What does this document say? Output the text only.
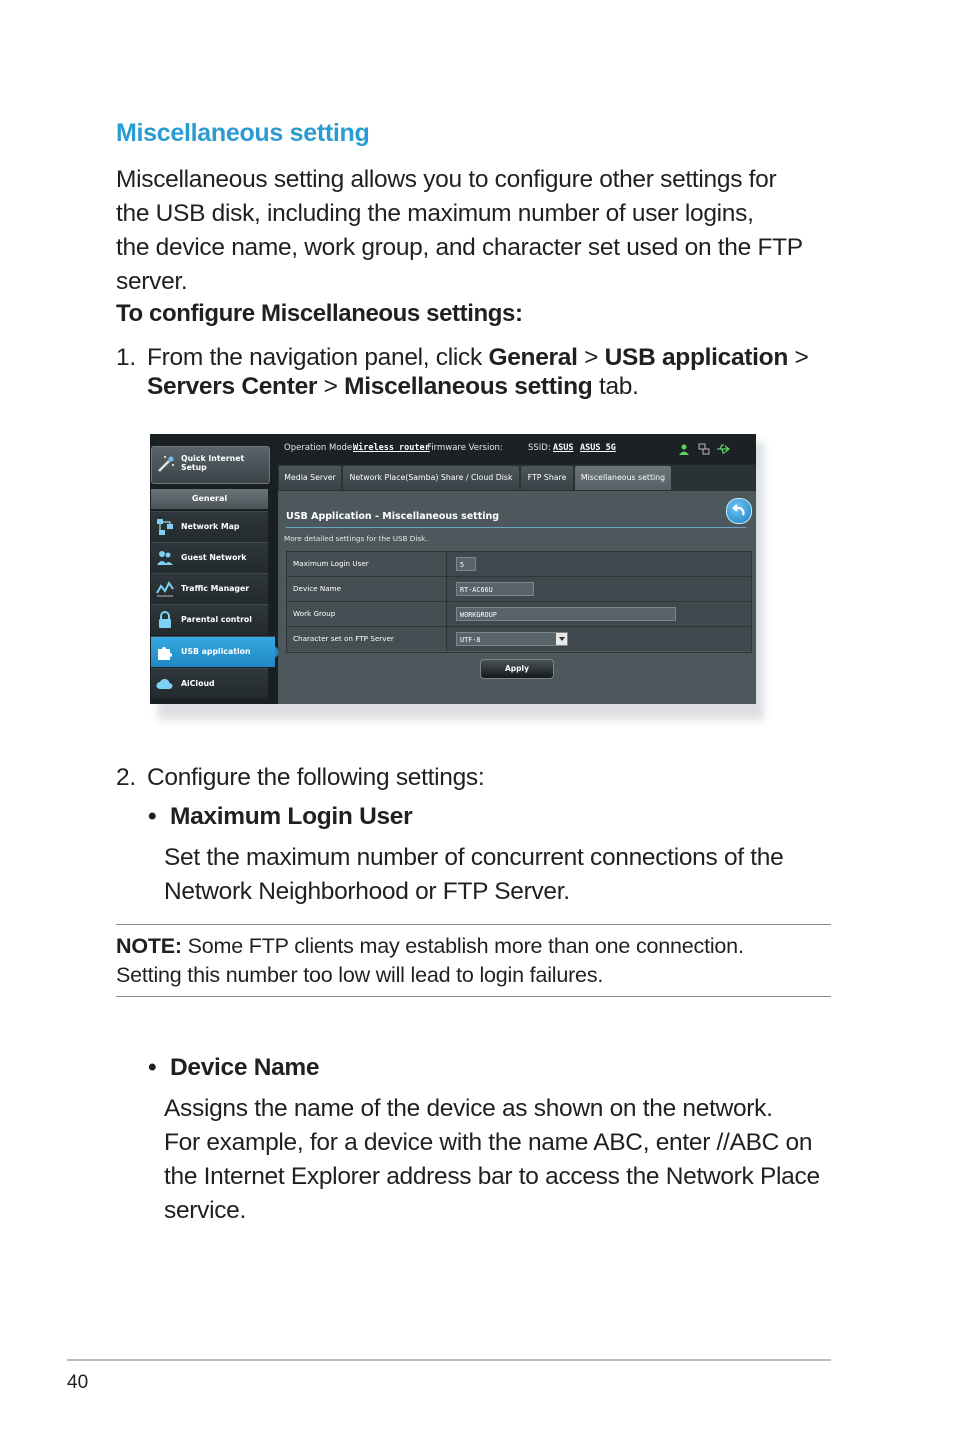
Miscellaneous setting
Miscellaneous setting allows you to configure other settings for
the USB disk, including the maximum number of user logins,
the device name, work group, and character set used on the FTP
server.
To configure Miscellaneous settings:
1. From the navigation panel, click General > USB application >
Servers Center > Miscellaneous setting tab.
Quick Internet
Setup
General
Network Map
Guest Network
Traffic Manager
Parental control
USB application
AiCloud
Operation Mode:
Wireless router
Firmware Version:	SSID: ASUS ASUS_5G
Media Server	Network Place(Samba) Share / Cloud Disk	FTP Share	Miscellaneous setting
USB Application - Miscellaneous setting
More detailed settings for the USB Disk.
Maximum Login User	5
Device Name	RT-AC66U
Work Group	WORKGROUP
Character set on FTP Server	UTF-8
Apply
2. Configure the following settings:
• Maximum Login User
Set the maximum number of concurrent connections of the
Network Neighborhood or FTP Server.
NOTE: Some FTP clients may establish more than one connection.
Setting this number too low will lead to login failures.
• Device Name
Assigns the name of the device as shown on the network.
For example, for a device with the name ABC, enter //ABC on
the Internet Explorer address bar to access the Network Place
service.
40
